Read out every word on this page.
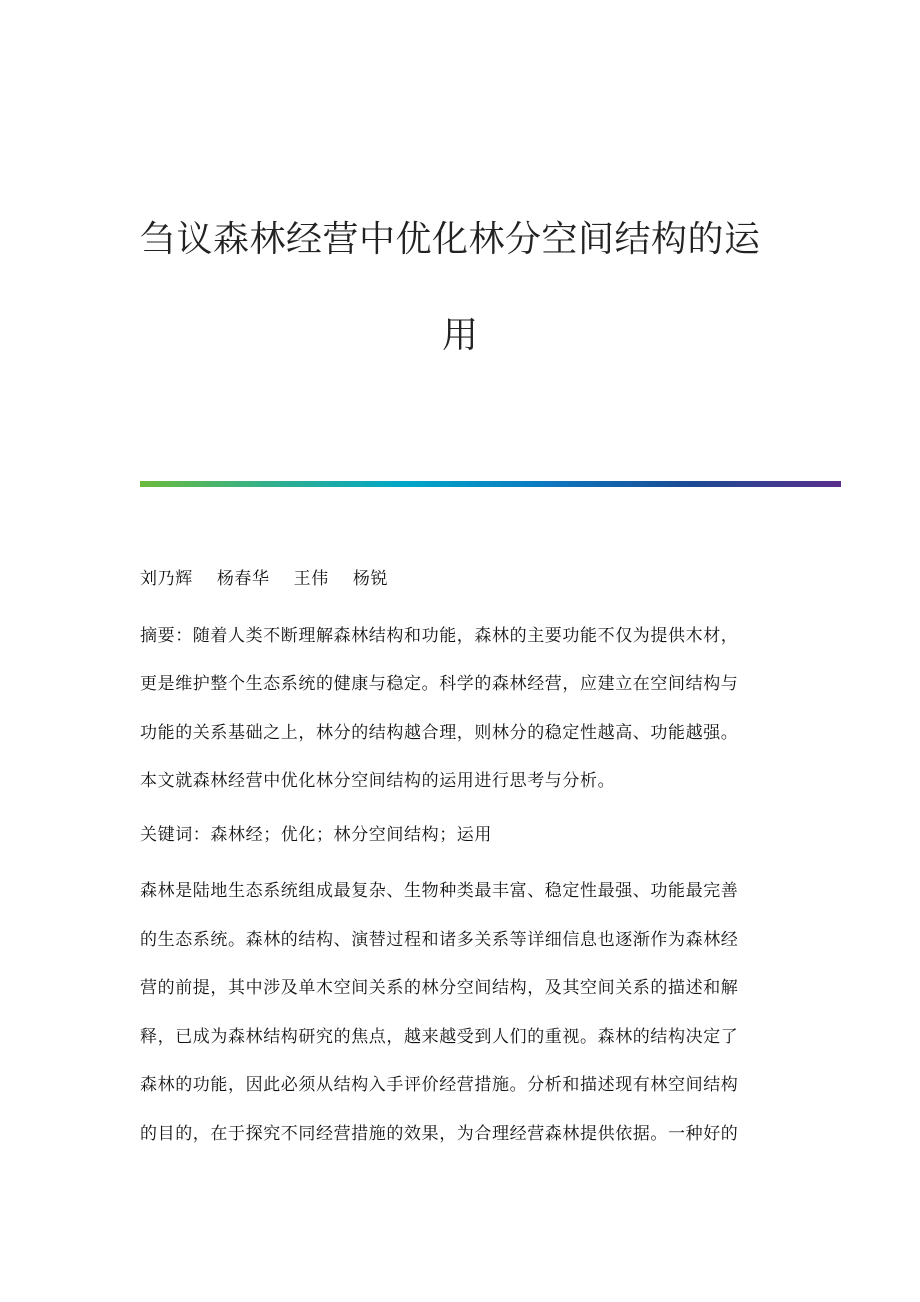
刍议森林经营中优化林分空间结构的运
用
刘乃辉 杨春华 王伟 杨锐
摘要：随着人类不断理解森林结构和功能，森林的主要功能不仅为提供木材，
更是维护整个生态系统的健康与稳定。科学的森林经营，应建立在空间结构与
功能的关系基础之上，林分的结构越合理，则林分的稳定性越高、功能越强。
本文就森林经营中优化林分空间结构的运用进行思考与分析。
关键词：森林经；优化；林分空间结构；运用
森林是陆地生态系统组成最复杂、生物种类最丰富、稳定性最强、功能最完善
的生态系统。森林的结构、演替过程和诸多关系等详细信息也逐渐作为森林经
营的前提，其中涉及单木空间关系的林分空间结构，及其空间关系的描述和解
释，已成为森林结构研究的焦点，越来越受到人们的重视。森林的结构决定了
森林的功能，因此必须从结构入手评价经营措施。分析和描述现有林空间结构
的目的，在于探究不同经营措施的效果，为合理经营森林提供依据。一种好的
